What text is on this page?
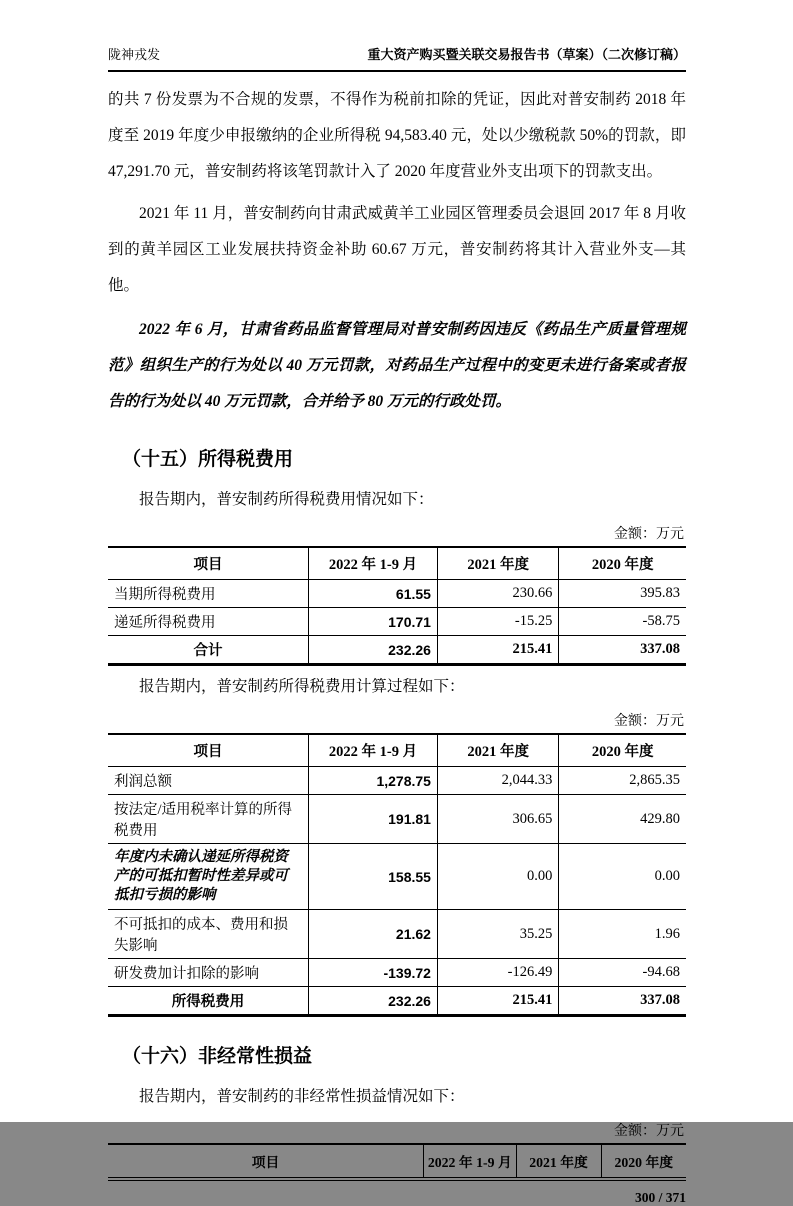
陇神戎发	重大资产购买暨关联交易报告书（草案）（二次修订稿）

的共 7 份发票为不合规的发票，不得作为税前扣除的凭证，因此对普安制药 2018 年度至 2019 年度少申报缴纳的企业所得税 94,583.40 元，处以少缴税款 50%的罚款，即 47,291.70 元，普安制药将该笔罚款计入了 2020 年度营业外支出项下的罚款支出。

2021 年 11 月，普安制药向甘肃武威黄羊工业园区管理委员会退回 2017 年 8 月收到的黄羊园区工业发展扶持资金补助 60.67 万元，普安制药将其计入营业外支—其他。

2022 年 6 月，甘肃省药品监督管理局对普安制药因违反《药品生产质量管理规范》组织生产的行为处以 40 万元罚款，对药品生产过程中的变更未进行备案或者报告的行为处以 40 万元罚款，合并给予 80 万元的行政处罚。

（十五）所得税费用

报告期内，普安制药所得税费用情况如下：

金额：万元
项目	2022 年 1-9 月	2021 年度	2020 年度
当期所得税费用	61.55	230.66	395.83
递延所得税费用	170.71	-15.25	-58.75
合计	232.26	215.41	337.08

报告期内，普安制药所得税费用计算过程如下：

金额：万元
项目	2022 年 1-9 月	2021 年度	2020 年度
利润总额	1,278.75	2,044.33	2,865.35
按法定/适用税率计算的所得税费用	191.81	306.65	429.80
年度内未确认递延所得税资产的可抵扣暂时性差异或可抵扣亏损的影响	158.55	0.00	0.00
不可抵扣的成本、费用和损失影响	21.62	35.25	1.96
研发费加计扣除的影响	-139.72	-126.49	-94.68
所得税费用	232.26	215.41	337.08
（十六）非经常性损益

报告期内，普安制药的非经常性损益情况如下：

金额：万元
项目	2022 年 1-9 月	2021 年度	2020 年度
300 / 371
